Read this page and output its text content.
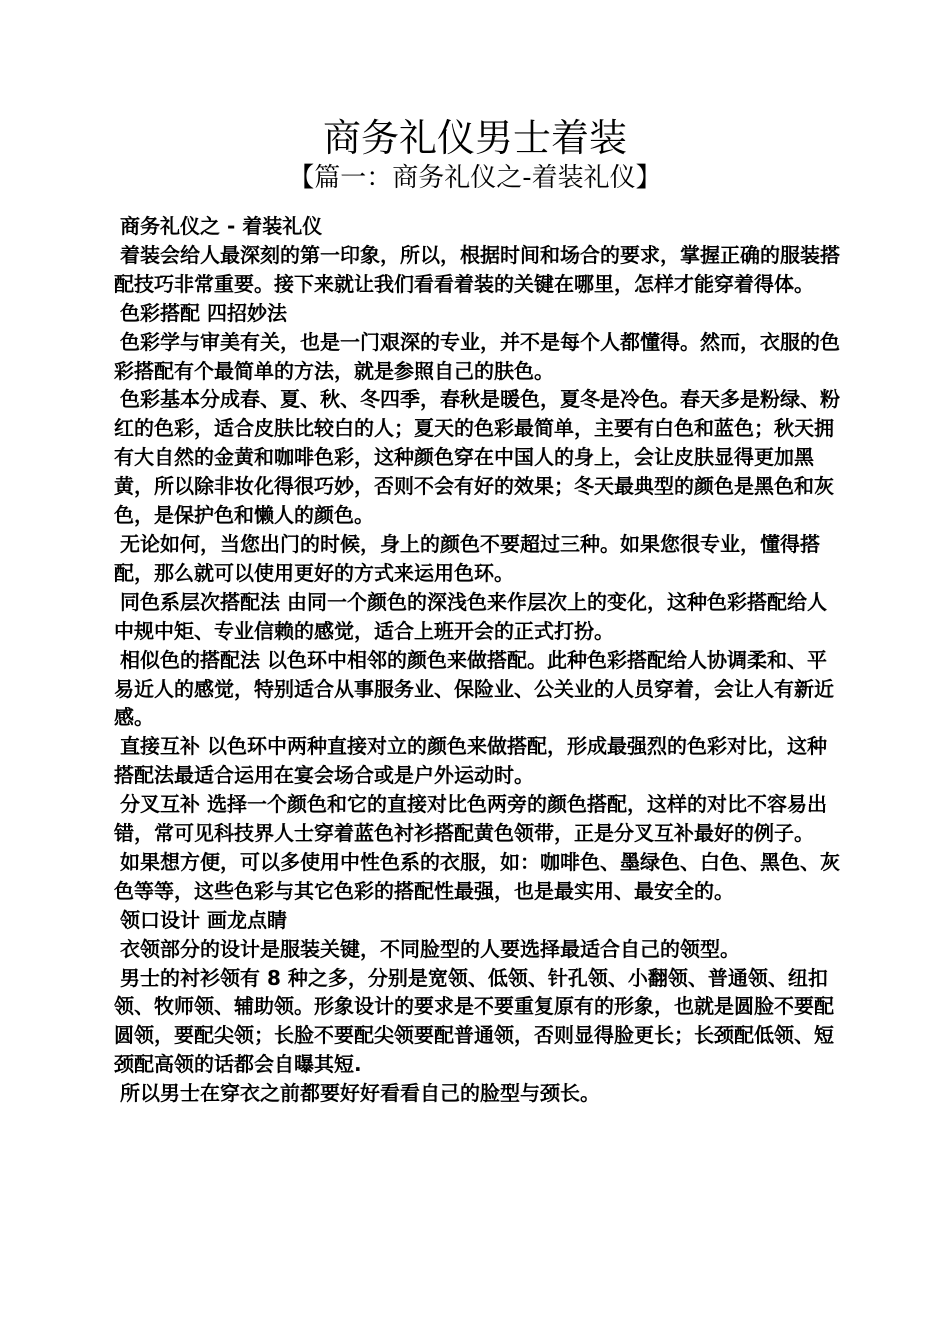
商务礼仪男士着装
【篇一：商务礼仪之-着装礼仪】

商务礼仪之 - 着装礼仪

着装会给人最深刻的第一印象，所以，根据时间和场合的要求，掌握正确的服装搭配技巧非常重要。接下来就让我们看看着装的关键在哪里，怎样才能穿着得体。

色彩搭配 四招妙法

色彩学与审美有关，也是一门艰深的专业，并不是每个人都懂得。然而，衣服的色彩搭配有个最简单的方法，就是参照自己的肤色。

色彩基本分成春、夏、秋、冬四季，春秋是暖色，夏冬是冷色。春天多是粉绿、粉红的色彩，适合皮肤比较白的人；夏天的色彩最简单，主要有白色和蓝色；秋天拥有大自然的金黄和咖啡色彩，这种颜色穿在中国人的身上，会让皮肤显得更加黑黄，所以除非妆化得很巧妙，否则不会有好的效果；冬天最典型的颜色是黑色和灰色，是保护色和懒人的颜色。

无论如何，当您出门的时候，身上的颜色不要超过三种。如果您很专业，懂得搭配，那么就可以使用更好的方式来运用色环。

同色系层次搭配法 由同一个颜色的深浅色来作层次上的变化，这种色彩搭配给人中规中矩、专业信赖的感觉，适合上班开会的正式打扮。

相似色的搭配法 以色环中相邻的颜色来做搭配。此种色彩搭配给人协调柔和、平易近人的感觉，特别适合从事服务业、保险业、公关业的人员穿着，会让人有新近感。

直接互补 以色环中两种直接对立的颜色来做搭配，形成最强烈的色彩对比，这种搭配法最适合运用在宴会场合或是户外运动时。

分叉互补 选择一个颜色和它的直接对比色两旁的颜色搭配，这样的对比不容易出错，常可见科技界人士穿着蓝色衬衫搭配黄色领带，正是分叉互补最好的例子。

如果想方便，可以多使用中性色系的衣服，如：咖啡色、墨绿色、白色、黑色、灰色等等，这些色彩与其它色彩的搭配性最强，也是最实用、最安全的。

领口设计 画龙点睛

衣领部分的设计是服装关键，不同脸型的人要选择最适合自己的领型。

男士的衬衫领有 8 种之多，分别是宽领、低领、针孔领、小翻领、普通领、纽扣领、牧师领、辅助领。形象设计的要求是不要重复原有的形象，也就是圆脸不要配圆领，要配尖领；长脸不要配尖领要配普通领，否则显得脸更长；长颈配低领、短颈配高领的话都会自曝其短.

所以男士在穿衣之前都要好好看看自己的脸型与颈长。
